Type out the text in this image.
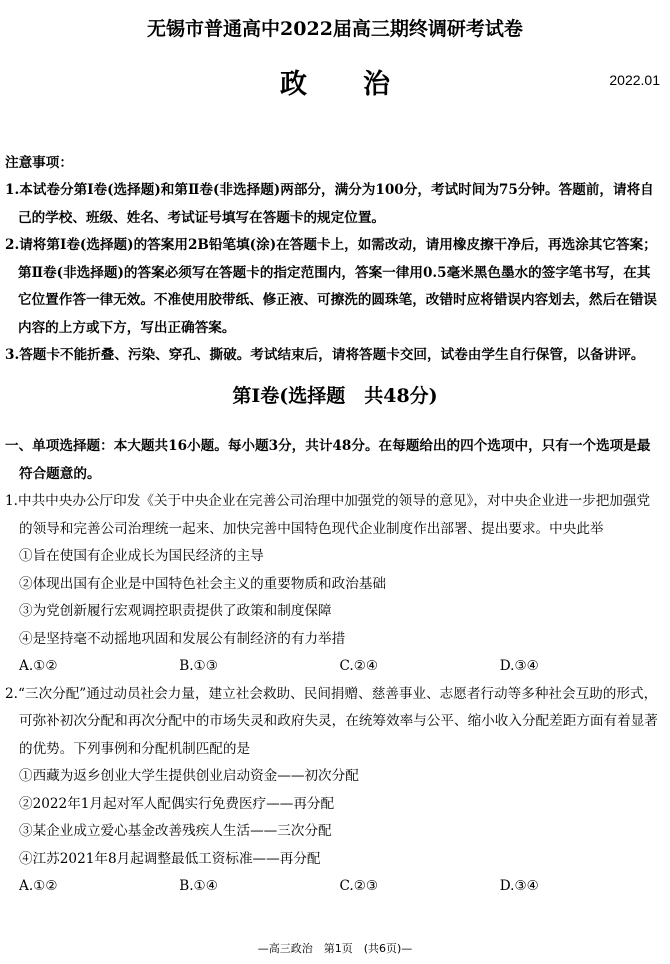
无锡市普通高中2022届高三期终调研考试卷
政治	2022.01
注意事项：
1.本试卷分第Ⅰ卷(选择题)和第Ⅱ卷(非选择题)两部分，满分为100分，考试时间为75分钟。答题前，请将自己的学校、班级、姓名、考试证号填写在答题卡的规定位置。
2.请将第Ⅰ卷(选择题)的答案用2B铅笔填(涂)在答题卡上，如需改动，请用橡皮擦干净后，再选涂其它答案；第Ⅱ卷(非选择题)的答案必须写在答题卡的指定范围内，答案一律用0.5毫米黑色墨水的签字笔书写，在其它位置作答一律无效。不准使用胶带纸、修正液、可擦洗的圆珠笔，改错时应将错误内容划去，然后在错误内容的上方或下方，写出正确答案。
3.答题卡不能折叠、污染、穿孔、撕破。考试结束后，请将答题卡交回，试卷由学生自行保管，以备讲评。
第Ⅰ卷(选择题　共48分)
一、单项选择题：本大题共16小题。每小题3分，共计48分。在每题给出的四个选项中，只有一个选项是最符合题意的。
1.中共中央办公厅印发《关于中央企业在完善公司治理中加强党的领导的意见》，对中央企业进一步把加强党的领导和完善公司治理统一起来、加快完善中国特色现代企业制度作出部署、提出要求。中央此举
①旨在使国有企业成长为国民经济的主导
②体现出国有企业是中国特色社会主义的重要物质和政治基础
③为党创新履行宏观调控职责提供了政策和制度保障
④是坚持毫不动摇地巩固和发展公有制经济的有力举措
A.①②	B.①③	C.②④	D.③④
2.“三次分配”通过动员社会力量，建立社会救助、民间捐赠、慈善事业、志愿者行动等多种社会互助的形式，可弥补初次分配和再次分配中的市场失灵和政府失灵，在统筹效率与公平、缩小收入分配差距方面有着显著的优势。下列事例和分配机制匹配的是
①西藏为返乡创业大学生提供创业启动资金——初次分配
②2022年1月起对军人配偶实行免费医疗——再分配
③某企业成立爱心基金改善残疾人生活——三次分配
④江苏2021年8月起调整最低工资标准——再分配
A.①②	B.①④	C.②③	D.③④
—高三政治　第1页　(共6页)—
